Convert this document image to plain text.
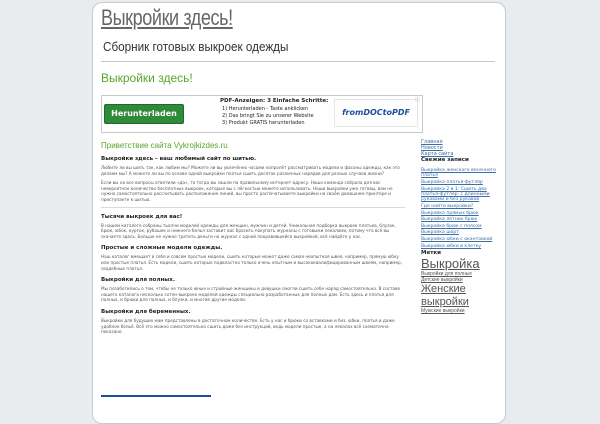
Выкройки здесь!
Сборник готовых выкроек одежды
Выкройки здесь!
Herunterladen
PDF-Anzeigen: 3 Einfache Schritte:
1) Herunterladen - Taste anklicken
2) Das bringt Sie zu unserer Website
3) Produkt GRATIS herunterladen
fromDOCtoPDF
ⓘ
Приветствие сайта Vykrojkizdes.ru
Выкройки здесь – ваш любимый сайт по шитью.

Любите ли вы шить так, как любим мы? Можете ли вы увлечённо часами напролёт рассматривать модели и фасоны одежды, как это делаем мы? А можете ли вы по основе одной выкройки платья сшить десяток различных нарядов для разных случаев жизни?

Если вы на все вопросы ответили «да», то тогда вы зашли по правильному интернет-адресу. Наша команда собрала для вас невероятное количество бесплатных выкроек, которые вы с лёгкостью можете использовать. Наши выкройки уже готовы, вам не нужно самостоятельно рассчитывать расположение линий, вы просто распечатываете выкройки на своём домашнем принтере и приступаете к шитью.

Тысячи выкроек для вас!

В нашем каталоге собраны тысячи моделей одежды для женщин, мужчин и детей. Уникальная подборка выкроек платьев, блузок, брюк, юбок, курток, рубашек и нижнего белья заставит вас бросить покупать журналы с готовыми лекалами, потому что всё вы скачаете здесь. Больше не нужно тратить деньги на журнал с одной понравившейся выкройкой, всё найдёте у нас.

Простые и сложные модели одежды.

Наш каталог вмещает в себя и совсем простые модели, сшить которые может даже самая неопытная швея, например, прямую юбку или простые платья. Есть модели, сшить которые подвластно только очень опытным и высококвалифицированным швеям, например, свадебные платья.

Выкройки для полных.

Мы позаботились о том, чтобы не только юные и стройные женщины и девушки смогли сшить себе наряд самостоятельно. В составе нашего каталога несколько сотен выкроек моделей одежды специально разработанных для полных дам. Есть здесь и платья для полных, и брюки для полных, и блузки, и многие другие модели.

Выкройки для беременных.

Выкройки для будущих мам представлены в достаточном количестве. Есть у нас и брюки со вставками и без, юбки, платья и даже удобное бельё. Всё это можно самостоятельно сшить даже без инструкций, ведь модели простые, а на лекалах всё схематично показано.

Главная
Новости
Карта сайта
Свежие записи
Выкройка женского весеннего платья
Выкройка платья-футляр
Выкройка 2 в 1: Сшить два платья-футляр: с длинными рукавами и без рукавов
Где найти выкройки?
Выкройка прямых брюк
Выкройка летних брюк
Выкройка брюк с поясом
Выкройка шорт
Выкройка юбки с окантовкой
Выкройка юбки в клетку
Метки
Выкройка
Выкройки для полных
Детские выкройки
Женские выкройки
Мужские выкройки
